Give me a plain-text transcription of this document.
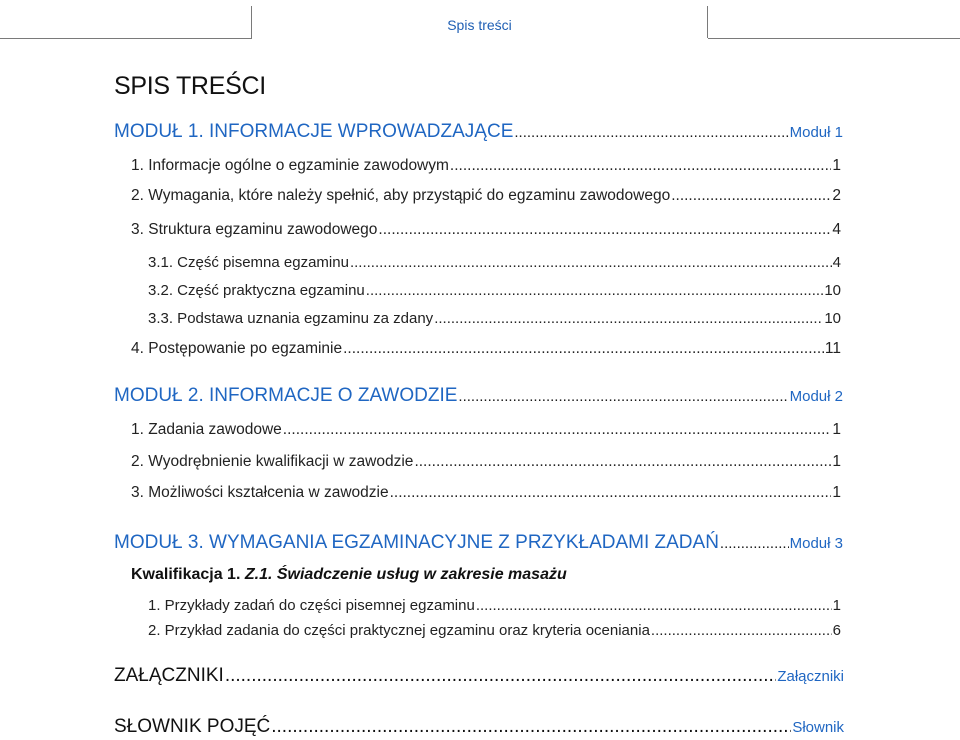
Spis treści
SPIS TREŚCI
MODUŁ 1. INFORMACJE WPROWADZAJĄCE .....	Moduł 1
1. Informacje ogólne o egzaminie zawodowym .....	1
2. Wymagania, które należy spełnić, aby przystąpić do egzaminu zawodowego .....	2
3. Struktura egzaminu zawodowego .....	4
3.1. Część pisemna egzaminu .....	4
3.2. Część praktyczna egzaminu .....	10
3.3. Podstawa uznania egzaminu za zdany .....	10
4. Postępowanie po egzaminie .....	11
MODUŁ 2. INFORMACJE O ZAWODZIE .....	Moduł 2
1. Zadania zawodowe .....	1
2. Wyodrębnienie kwalifikacji w zawodzie .....	1
3. Możliwości kształcenia w zawodzie .....	1
MODUŁ 3. WYMAGANIA EGZAMINACYJNE Z PRZYKŁADAMI ZADAŃ .....	Moduł 3
Kwalifikacja 1. Z.1. Świadczenie usług w zakresie masażu
1. Przykłady zadań do części pisemnej egzaminu .....	1
2. Przykład zadania do części praktycznej egzaminu oraz kryteria oceniania .....	6
ZAŁĄCZNIKI .....	Załączniki
SŁOWNIK POJĘĆ .....	Słownik
